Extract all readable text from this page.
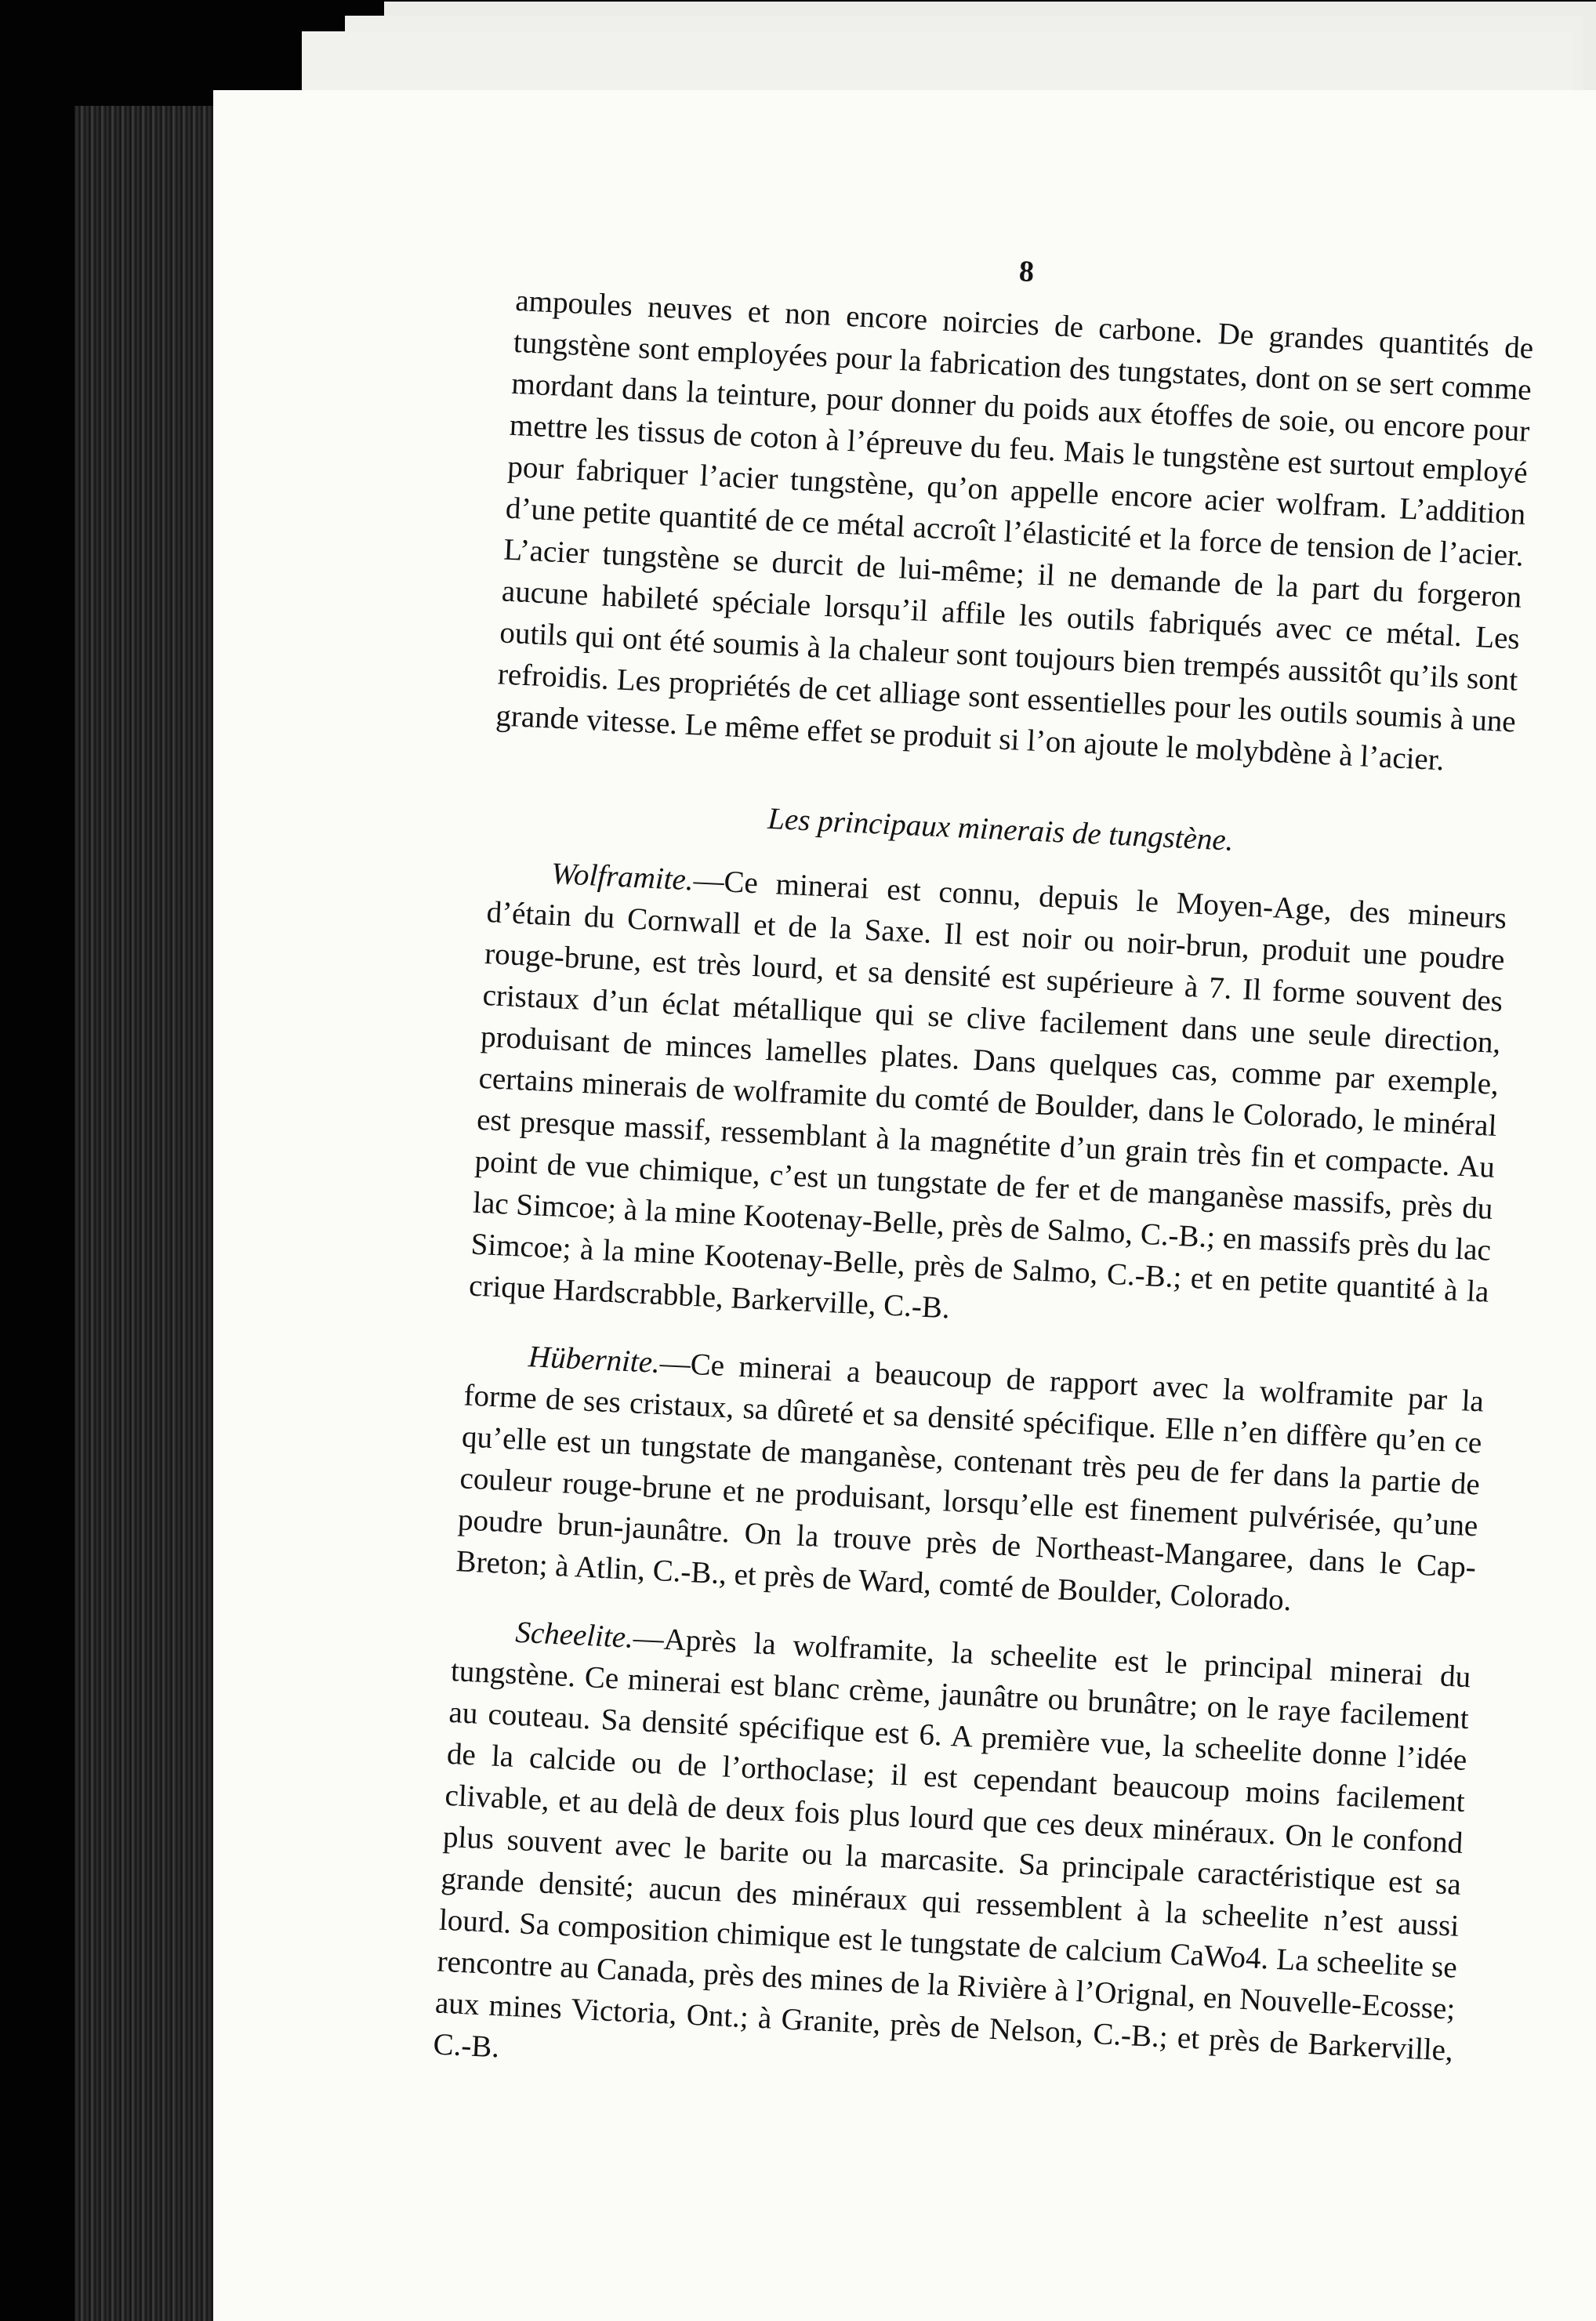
8

ampoules neuves et non encore noircies de carbone. De grandes quantités de tungstène sont employées pour la fabrication des tungstates, dont on se sert comme mordant dans la teinture, pour donner du poids aux étoffes de soie, ou encore pour mettre les tissus de coton à l’épreuve du feu. Mais le tungstène est surtout employé pour fabriquer l’acier tungstène, qu’on appelle encore acier wolfram. L’addition d’une petite quantité de ce métal accroît l’élasticité et la force de tension de l’acier. L’acier tungstène se durcit de lui-même; il ne demande de la part du forgeron aucune habileté spéciale lorsqu’il affile les outils fabriqués avec ce métal. Les outils qui ont été soumis à la chaleur sont toujours bien trempés aussitôt qu’ils sont refroidis. Les propriétés de cet alliage sont essentielles pour les outils soumis à une grande vitesse. Le même effet se produit si l’on ajoute le molybdène à l’acier.

Les principaux minerais de tungstène.

Wolframite.—Ce minerai est connu, depuis le Moyen-Age, des mineurs d’étain du Cornwall et de la Saxe. Il est noir ou noir-brun, produit une poudre rouge-brune, est très lourd, et sa densité est supérieure à 7. Il forme souvent des cristaux d’un éclat métallique qui se clive facilement dans une seule direction, produisant de minces lamelles plates. Dans quelques cas, comme par exemple, certains minerais de wolframite du comté de Boulder, dans le Colorado, le minéral est presque massif, ressemblant à la magnétite d’un grain très fin et compacte. Au point de vue chimique, c’est un tungstate de fer et de manganèse massifs, près du lac Simcoe; à la mine Kootenay-Belle, près de Salmo, C.-B.; en massifs près du lac Simcoe; à la mine Kootenay-Belle, près de Salmo, C.-B.; et en petite quantité à la crique Hardscrabble, Barkerville, C.-B.

Hübernite.—Ce minerai a beaucoup de rapport avec la wolframite par la forme de ses cristaux, sa dûreté et sa densité spécifique. Elle n’en diffère qu’en ce qu’elle est un tungstate de manganèse, contenant très peu de fer dans la partie de couleur rouge-brune et ne produisant, lorsqu’elle est finement pulvérisée, qu’une poudre brun-jaunâtre. On la trouve près de Northeast-Mangaree, dans le Cap-Breton; à Atlin, C.-B., et près de Ward, comté de Boulder, Colorado.

Scheelite.—Après la wolframite, la scheelite est le principal minerai du tungstène. Ce minerai est blanc crème, jaunâtre ou brunâtre; on le raye facilement au couteau. Sa densité spécifique est 6. A première vue, la scheelite donne l’idée de la calcide ou de l’orthoclase; il est cependant beaucoup moins facilement clivable, et au delà de deux fois plus lourd que ces deux minéraux. On le confond plus souvent avec le barite ou la marcasite. Sa principale caractéristique est sa grande densité; aucun des minéraux qui ressemblent à la scheelite n’est aussi lourd. Sa composition chimique est le tungstate de calcium CaWo4. La scheelite se rencontre au Canada, près des mines de la Rivière à l’Orignal, en Nouvelle-Ecosse; aux mines Victoria, Ont.; à Granite, près de Nelson, C.-B.; et près de Barkerville, C.-B.
